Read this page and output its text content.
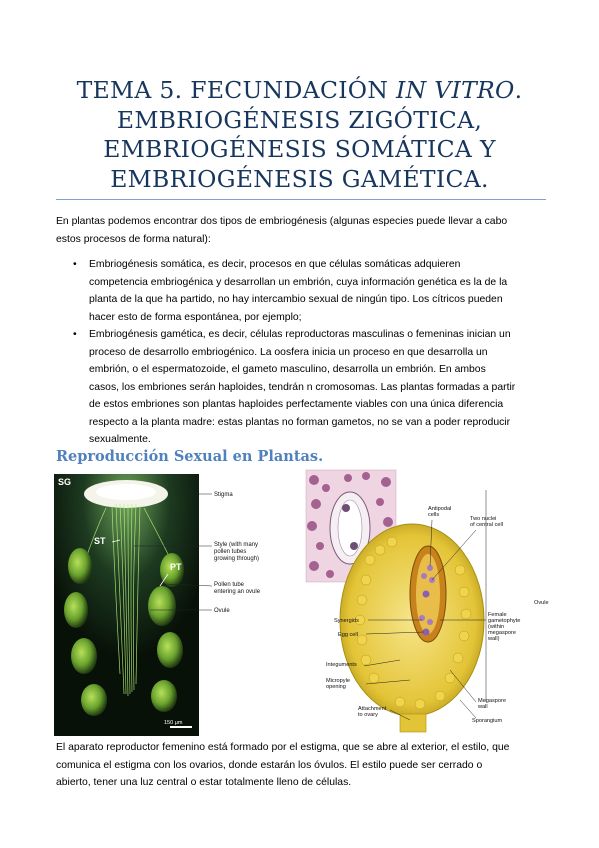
TEMA 5. FECUNDACIÓN IN VITRO.
EMBRIOGÉNESIS ZIGÓTICA,
EMBRIOGÉNESIS SOMÁTICA Y
EMBRIOGÉNESIS GAMÉTICA.
En plantas podemos encontrar dos tipos de embriogénesis (algunas especies puede llevar a cabo
estos procesos de forma natural):
• Embriogénesis somática, es decir, procesos en que células somáticas adquieren
competencia embriogénica y desarrollan un embrión, cuya información genética es la de la
planta de la que ha partido, no hay intercambio sexual de ningún tipo. Los cítricos pueden
hacer esto de forma espontánea, por ejemplo;
• Embriogénesis gamética, es decir, células reproductoras masculinas o femeninas inician un
proceso de desarrollo embriogénico. La oosfera inicia un proceso en que desarrolla un
embrión, o el espermatozoide, el gameto masculino, desarrolla un embrión. En ambos
casos, los embriones serán haploides, tendrán n cromosomas. Las plantas formadas a partir
de estos embriones son plantas haploides perfectamente viables con una única diferencia
respecto a la planta madre: estas plantas no forman gametos, no se van a poder reproducir
sexualmente.
Reproducción Sexual en Plantas.
SG
ST
PT
150 µm
Stigma
Style (with many
pollen tubes
growing through)
Pollen tube
entering an ovule
Ovule
Antipodal
cells
Two nuclei
of central cell
Ovule
Synergids
Egg cell
Female
gametophyte
(within
megaspore
wall)
Integuments
Micropyle
opening
Attachment
to ovary
Megaspore
wall
Sporangium
El aparato reproductor femenino está formado por el estigma, que se abre al exterior, el estilo, que
comunica el estigma con los ovarios, donde estarán los óvulos. El estilo puede ser cerrado o
abierto, tener una luz central o estar totalmente lleno de células.
